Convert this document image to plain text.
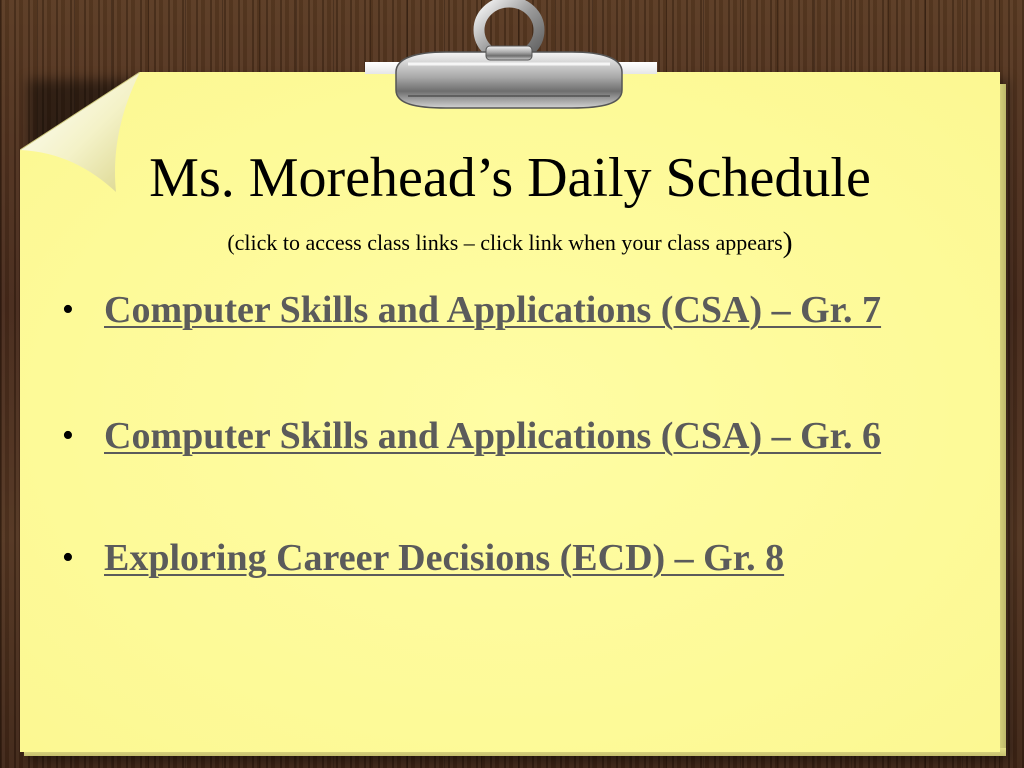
Ms. Morehead’s Daily Schedule
(click to access class links – click link when your class appears)
• Computer Skills and Applications (CSA) – Gr. 7
• Computer Skills and Applications (CSA) – Gr. 6
• Exploring Career Decisions (ECD) – Gr. 8
